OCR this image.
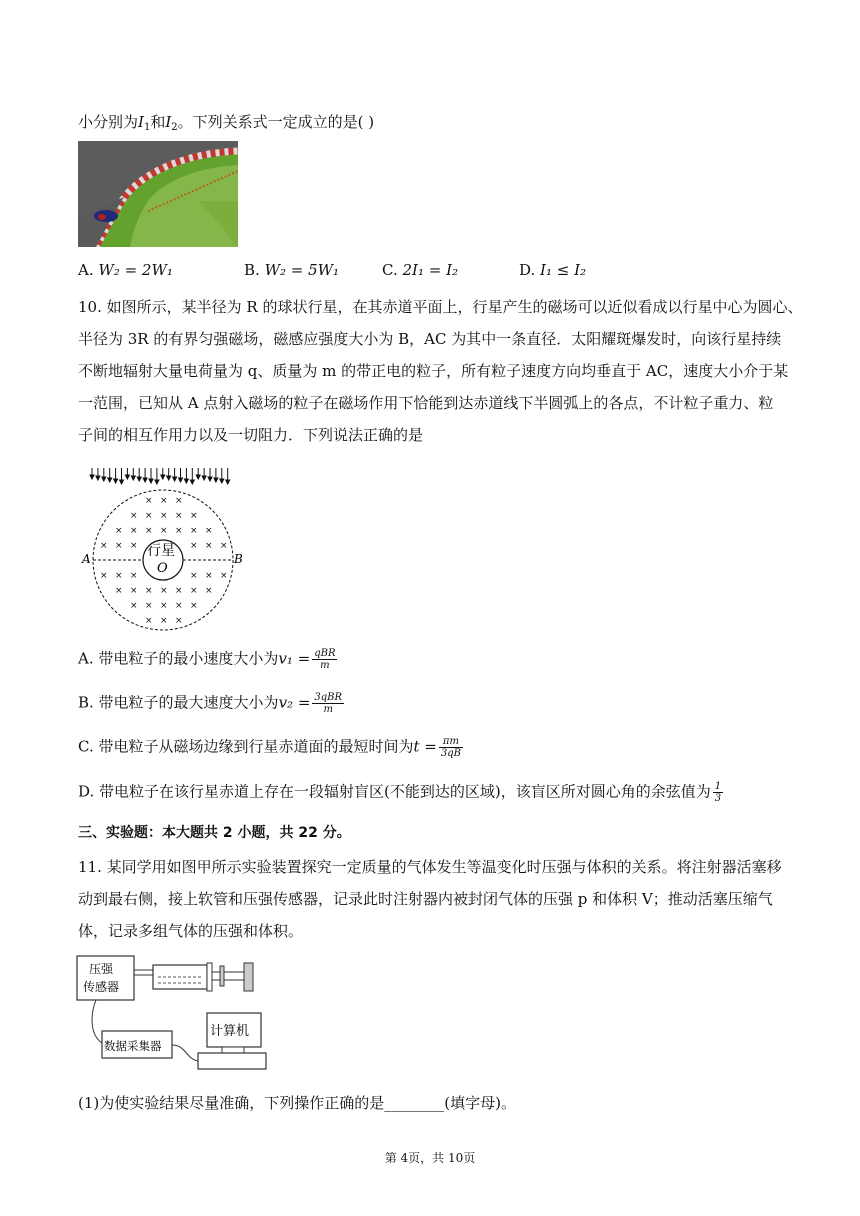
小分别为$I_1$和$I_2$。下列关系式一定成立的是( )
A. W₂ = 2W₁	B. W₂ = 5W₁	C. 2I₁ = I₂	D. I₁ ≤ I₂
10. 如图所示，某半径为 R 的球状行星，在其赤道平面上，行星产生的磁场可以近似看成以行星中心为圆心、
半径为 3R 的有界匀强磁场，磁感应强度大小为 B，AC 为其中一条直径．太阳耀斑爆发时，向该行星持续
不断地辐射大量电荷量为 q、质量为 m 的带正电的粒子，所有粒子速度方向均垂直于 AC，速度大小介于某
一范围，已知从 A 点射入磁场的粒子在磁场作用下恰能到达赤道线下半圆弧上的各点，不计粒子重力、粒
子间的相互作用力以及一切阻力．下列说法正确的是
× × ×
× × × × ×
× × × × × × ×
× × ×	× × ×
× × ×	× × ×
× × × × × × ×
× × × × ×
× × ×
行星
O
A	B
A. 带电粒子的最小速度大小为$v_1 = \frac{\text{qBR}}{m}$
B. 带电粒子的最大速度大小为$v_2 = \frac{\text{3qBR}}{m}$
C. 带电粒子从磁场边缘到行星赤道面的最短时间为$t = \frac{\pi m}{3qB}$
D. 带电粒子在该行星赤道上存在一段辐射盲区(不能到达的区域)，该盲区所对圆心角的余弦值为 $\frac{1}{3}$
三、实验题：本大题共 2 小题，共 22 分。
11. 某同学用如图甲所示实验装置探究一定质量的气体发生等温变化时压强与体积的关系。将注射器活塞移
动到最右侧，接上软管和压强传感器，记录此时注射器内被封闭气体的压强 p 和体积 V；推动活塞压缩气
体，记录多组气体的压强和体积。
压强
传感器
数据采集器
计算机
(1)为使实验结果尽量准确，下列操作正确的是________(填字母)。
第 4页，共 10页
